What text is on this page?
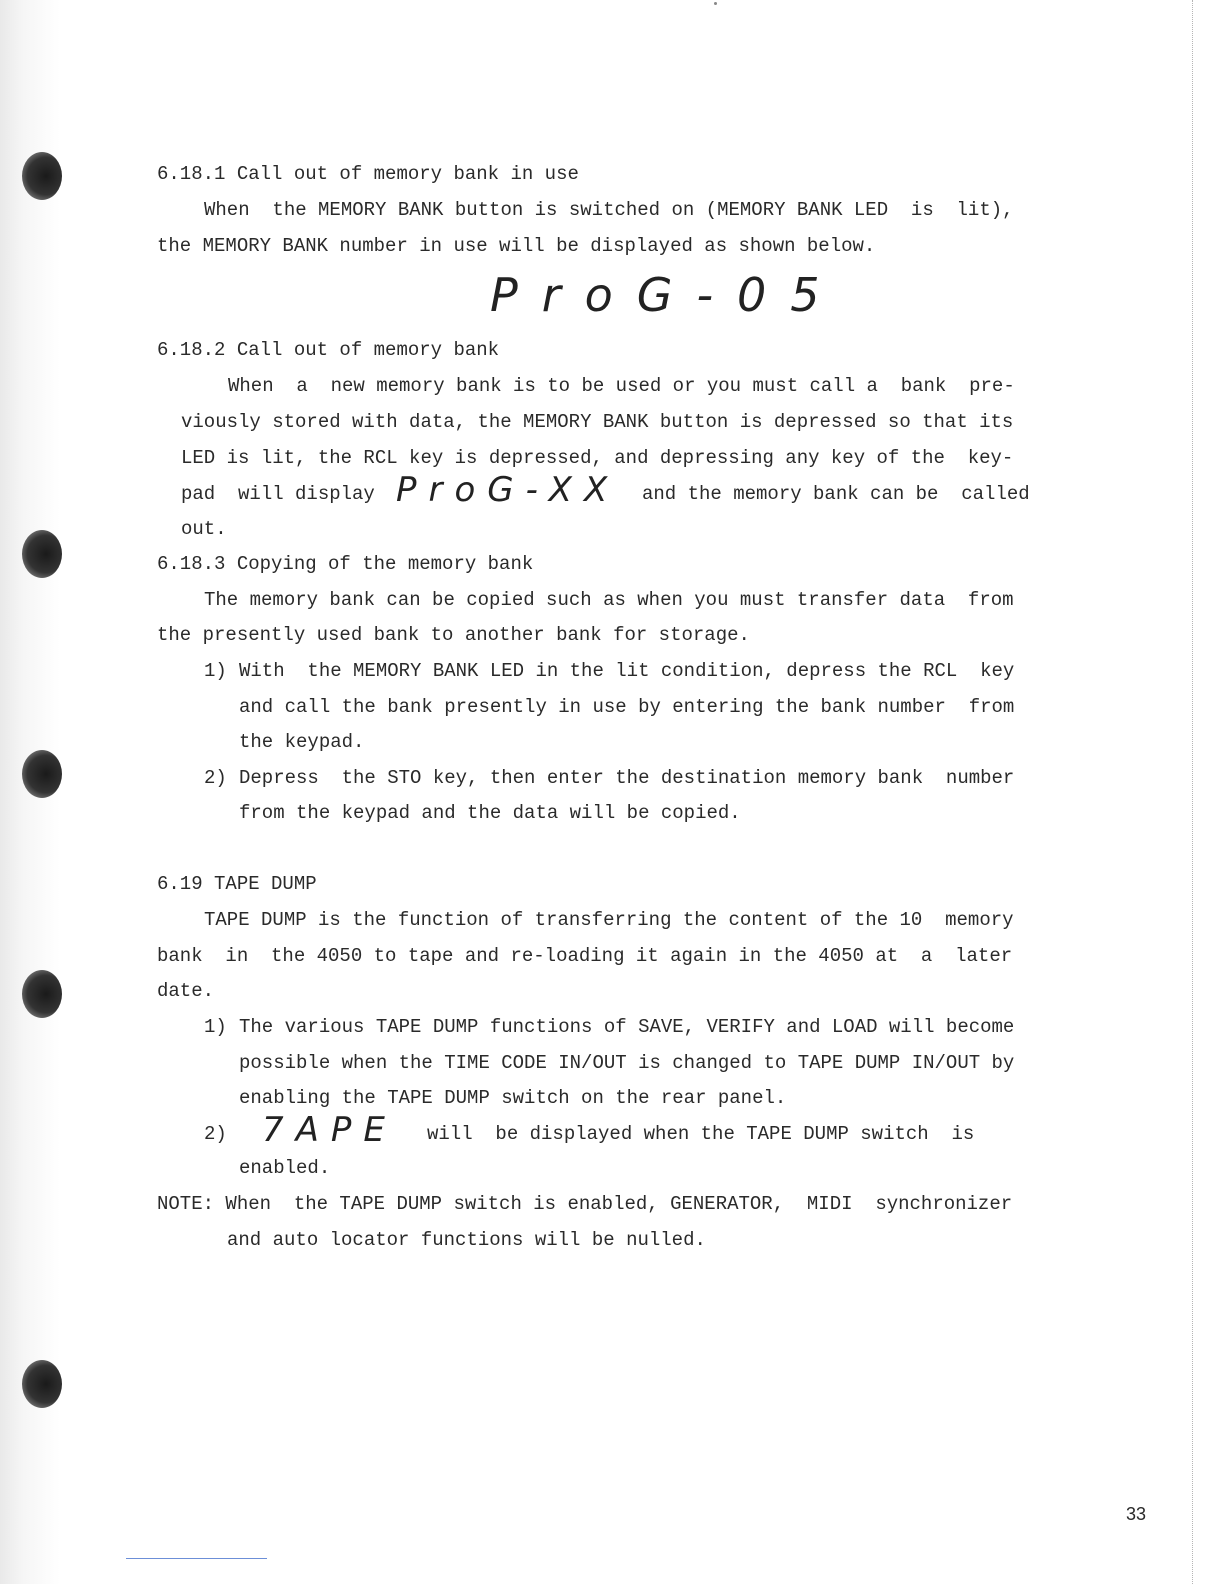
6.18.1 Call out of memory bank in use
When  the MEMORY BANK button is switched on (MEMORY BANK LED  is  lit),
the MEMORY BANK number in use will be displayed as shown below.
ProG-05
6.18.2 Call out of memory bank
When  a  new memory bank is to be used or you must call a  bank  pre-
viously stored with data, the MEMORY BANK button is depressed so that its
LED is lit, the RCL key is depressed, and depressing any key of the  key-
pad  will display ProG-XX and the memory bank can be  called
out.
6.18.3 Copying of the memory bank
The memory bank can be copied such as when you must transfer data  from
the presently used bank to another bank for storage.
1) With  the MEMORY BANK LED in the lit condition, depress the RCL  key
and call the bank presently in use by entering the bank number  from
the keypad.
2) Depress  the STO key, then enter the destination memory bank  number
from the keypad and the data will be copied.
6.19 TAPE DUMP
TAPE DUMP is the function of transferring the content of the 10  memory
bank  in  the 4050 to tape and re-loading it again in the 4050 at  a  later
date.
1) The various TAPE DUMP functions of SAVE, VERIFY and LOAD will become
possible when the TIME CODE IN/OUT is changed to TAPE DUMP IN/OUT by
enabling the TAPE DUMP switch on the rear panel.
2) 7APE will  be displayed when the TAPE DUMP switch  is
enabled.
NOTE: When  the TAPE DUMP switch is enabled, GENERATOR,  MIDI  synchronizer
and auto locator functions will be nulled.
33
